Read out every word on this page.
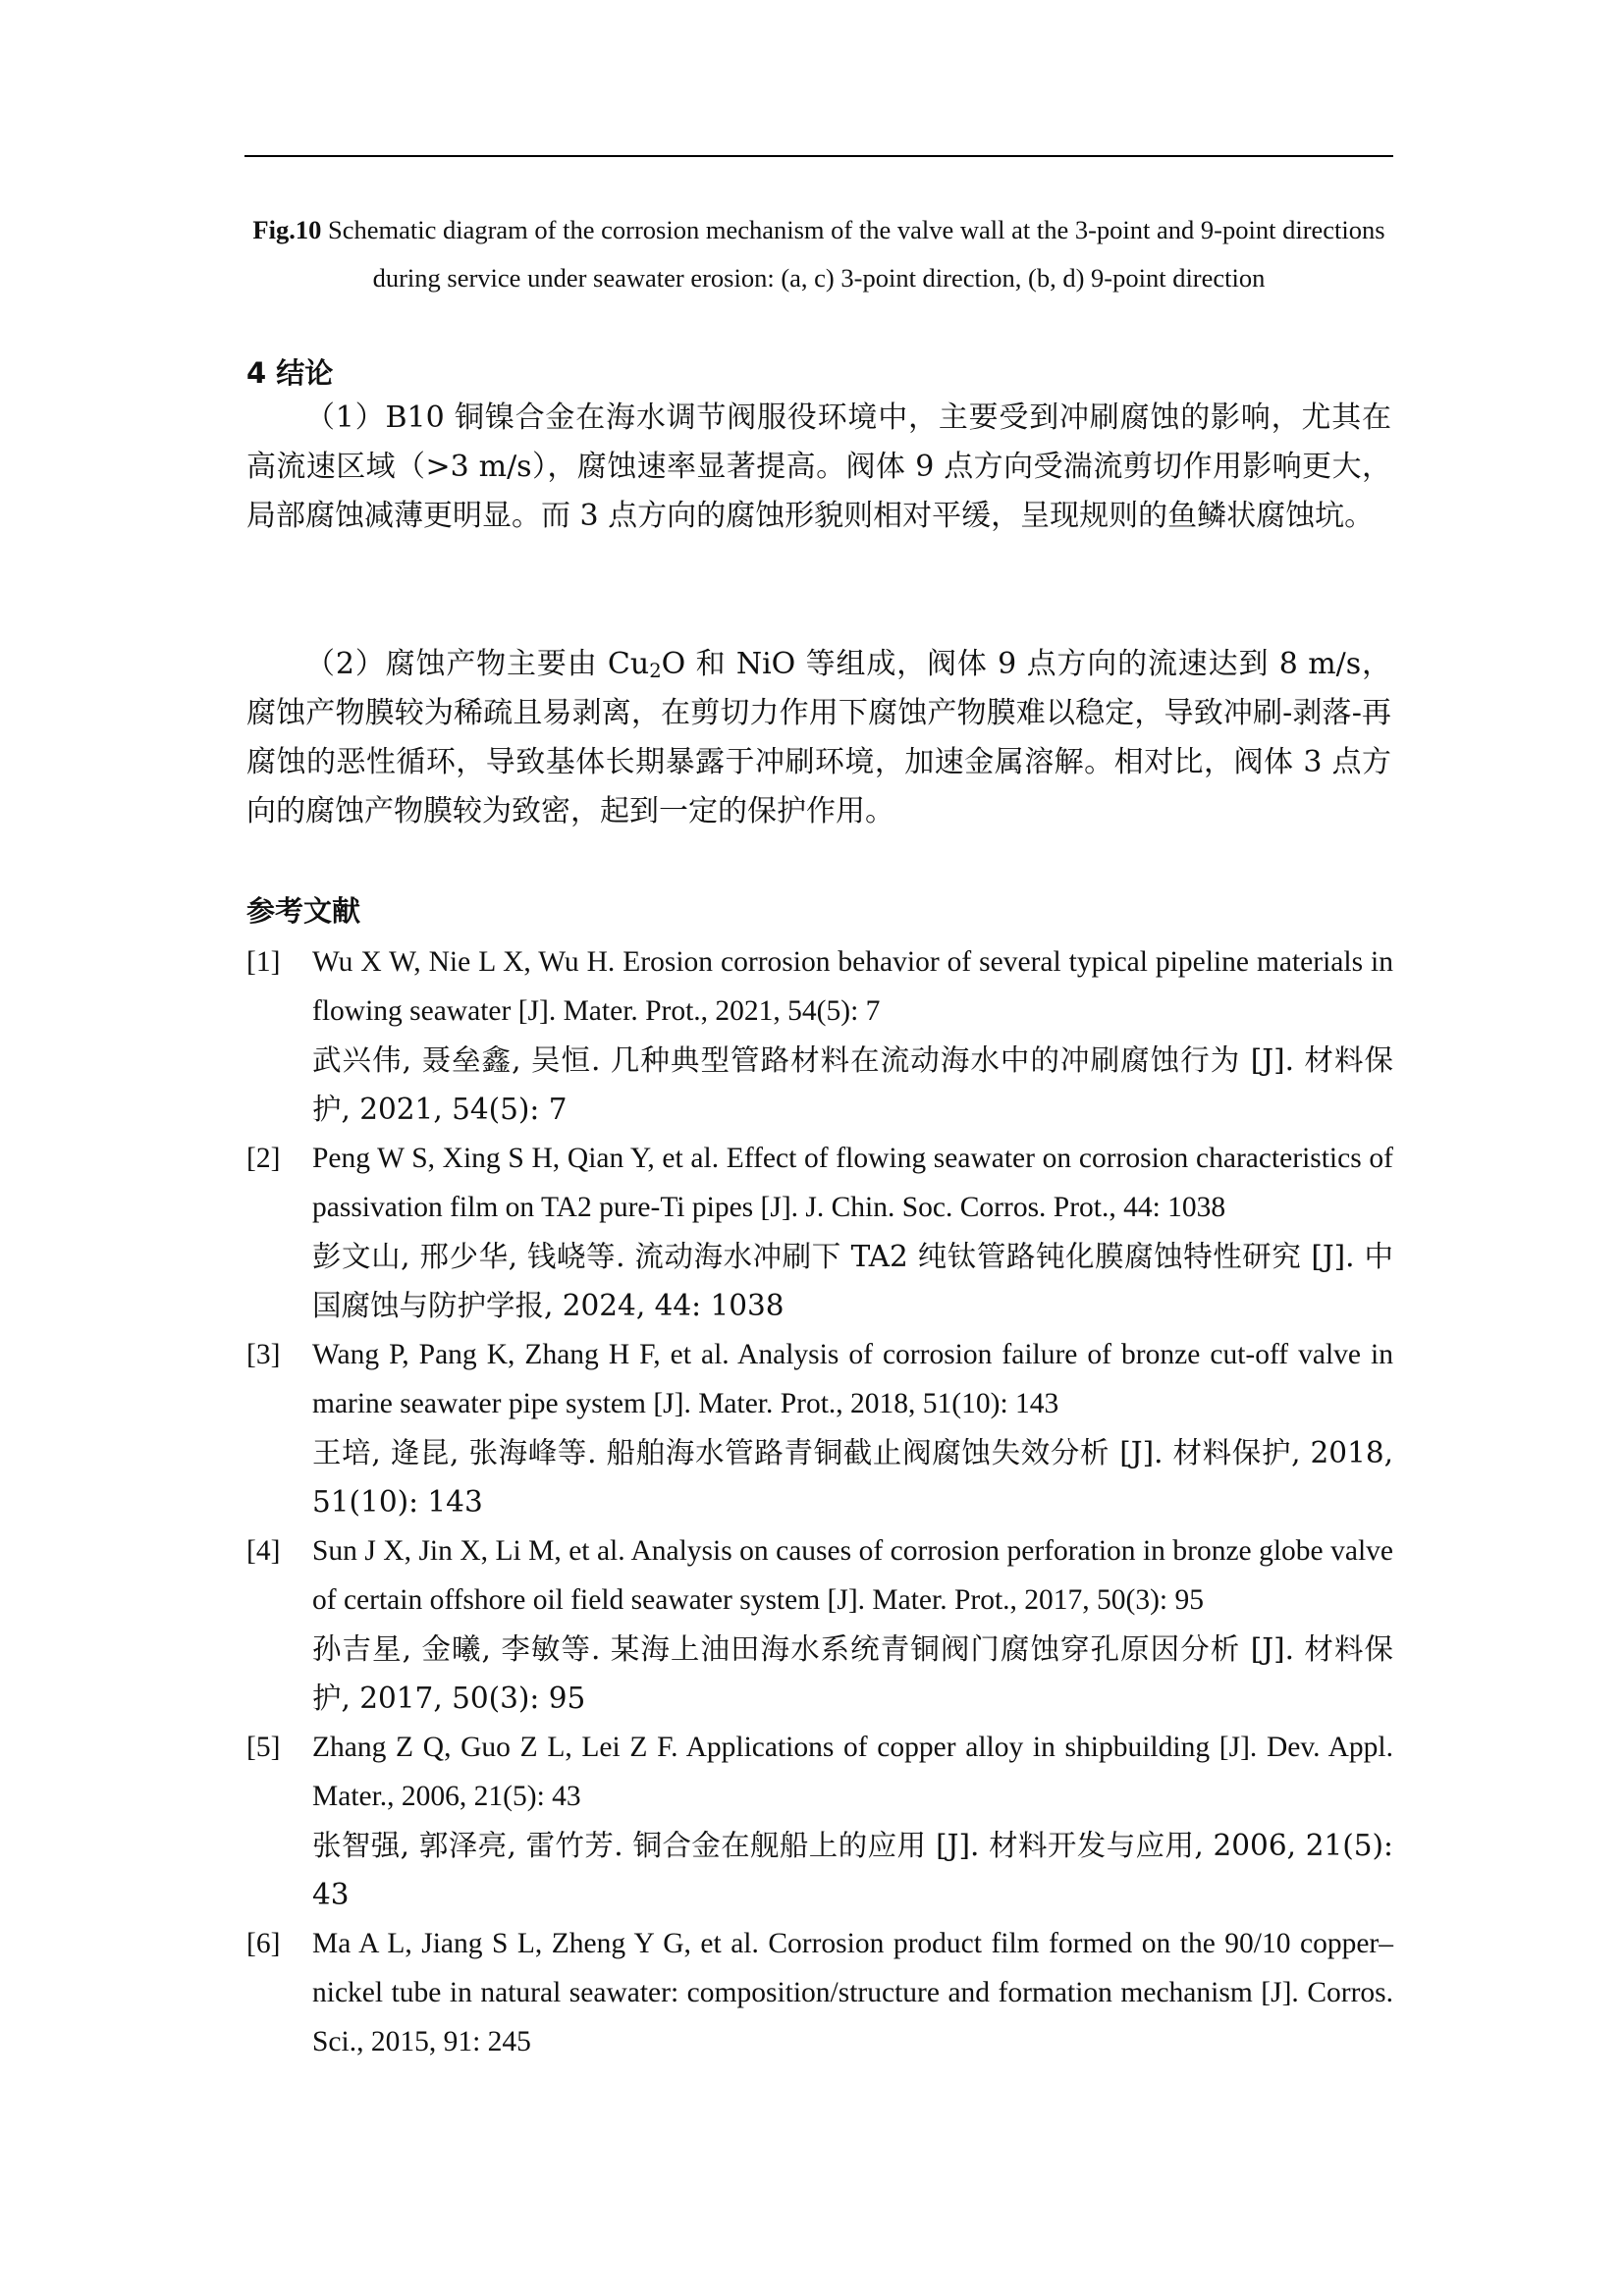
Fig.10 Schematic diagram of the corrosion mechanism of the valve wall at the 3-point and 9-point directions during service under seawater erosion: (a, c) 3-point direction, (b, d) 9-point direction

4 结论

（1）B10 铜镍合金在海水调节阀服役环境中，主要受到冲刷腐蚀的影响，尤其在高流速区域（>3 m/s），腐蚀速率显著提高。阀体 9 点方向受湍流剪切作用影响更大，局部腐蚀减薄更明显。而 3 点方向的腐蚀形貌则相对平缓，呈现规则的鱼鳞状腐蚀坑。

（2）腐蚀产物主要由 $Cu_2O$ 和 NiO 等组成，阀体 9 点方向的流速达到 8 m/s，腐蚀产物膜较为稀疏且易剥离，在剪切力作用下腐蚀产物膜难以稳定，导致冲刷-剥落-再腐蚀的恶性循环，导致基体长期暴露于冲刷环境，加速金属溶解。相对比，阀体 3 点方向的腐蚀产物膜较为致密，起到一定的保护作用。

参考文献
[1] Wu X W, Nie L X, Wu H. Erosion corrosion behavior of several typical pipeline materials in flowing seawater [J]. Mater. Prot., 2021, 54(5): 7

武兴伟, 聂垒鑫, 吴恒. 几种典型管路材料在流动海水中的冲刷腐蚀行为 [J]. 材料保护, 2021, 54(5): 7

[2] Peng W S, Xing S H, Qian Y, et al. Effect of flowing seawater on corrosion characteristics of passivation film on TA2 pure-Ti pipes [J]. J. Chin. Soc. Corros. Prot., 44: 1038

彭文山, 邢少华, 钱峣等. 流动海水冲刷下 TA2 纯钛管路钝化膜腐蚀特性研究 [J]. 中国腐蚀与防护学报, 2024, 44: 1038

[3] Wang P, Pang K, Zhang H F, et al. Analysis of corrosion failure of bronze cut-off valve in marine seawater pipe system [J]. Mater. Prot., 2018, 51(10): 143

王培, 逄昆, 张海峰等. 船舶海水管路青铜截止阀腐蚀失效分析 [J]. 材料保护, 2018, 51(10): 143

[4] Sun J X, Jin X, Li M, et al. Analysis on causes of corrosion perforation in bronze globe valve of certain offshore oil field seawater system [J]. Mater. Prot., 2017, 50(3): 95

孙吉星, 金曦, 李敏等. 某海上油田海水系统青铜阀门腐蚀穿孔原因分析 [J]. 材料保护, 2017, 50(3): 95

[5] Zhang Z Q, Guo Z L, Lei Z F. Applications of copper alloy in shipbuilding [J]. Dev. Appl. Mater., 2006, 21(5): 43

张智强, 郭泽亮, 雷竹芳. 铜合金在舰船上的应用 [J]. 材料开发与应用, 2006, 21(5): 43

[6] Ma A L, Jiang S L, Zheng Y G, et al. Corrosion product film formed on the 90/10 copper–nickel tube in natural seawater: composition/structure and formation mechanism [J]. Corros. Sci., 2015, 91: 245
